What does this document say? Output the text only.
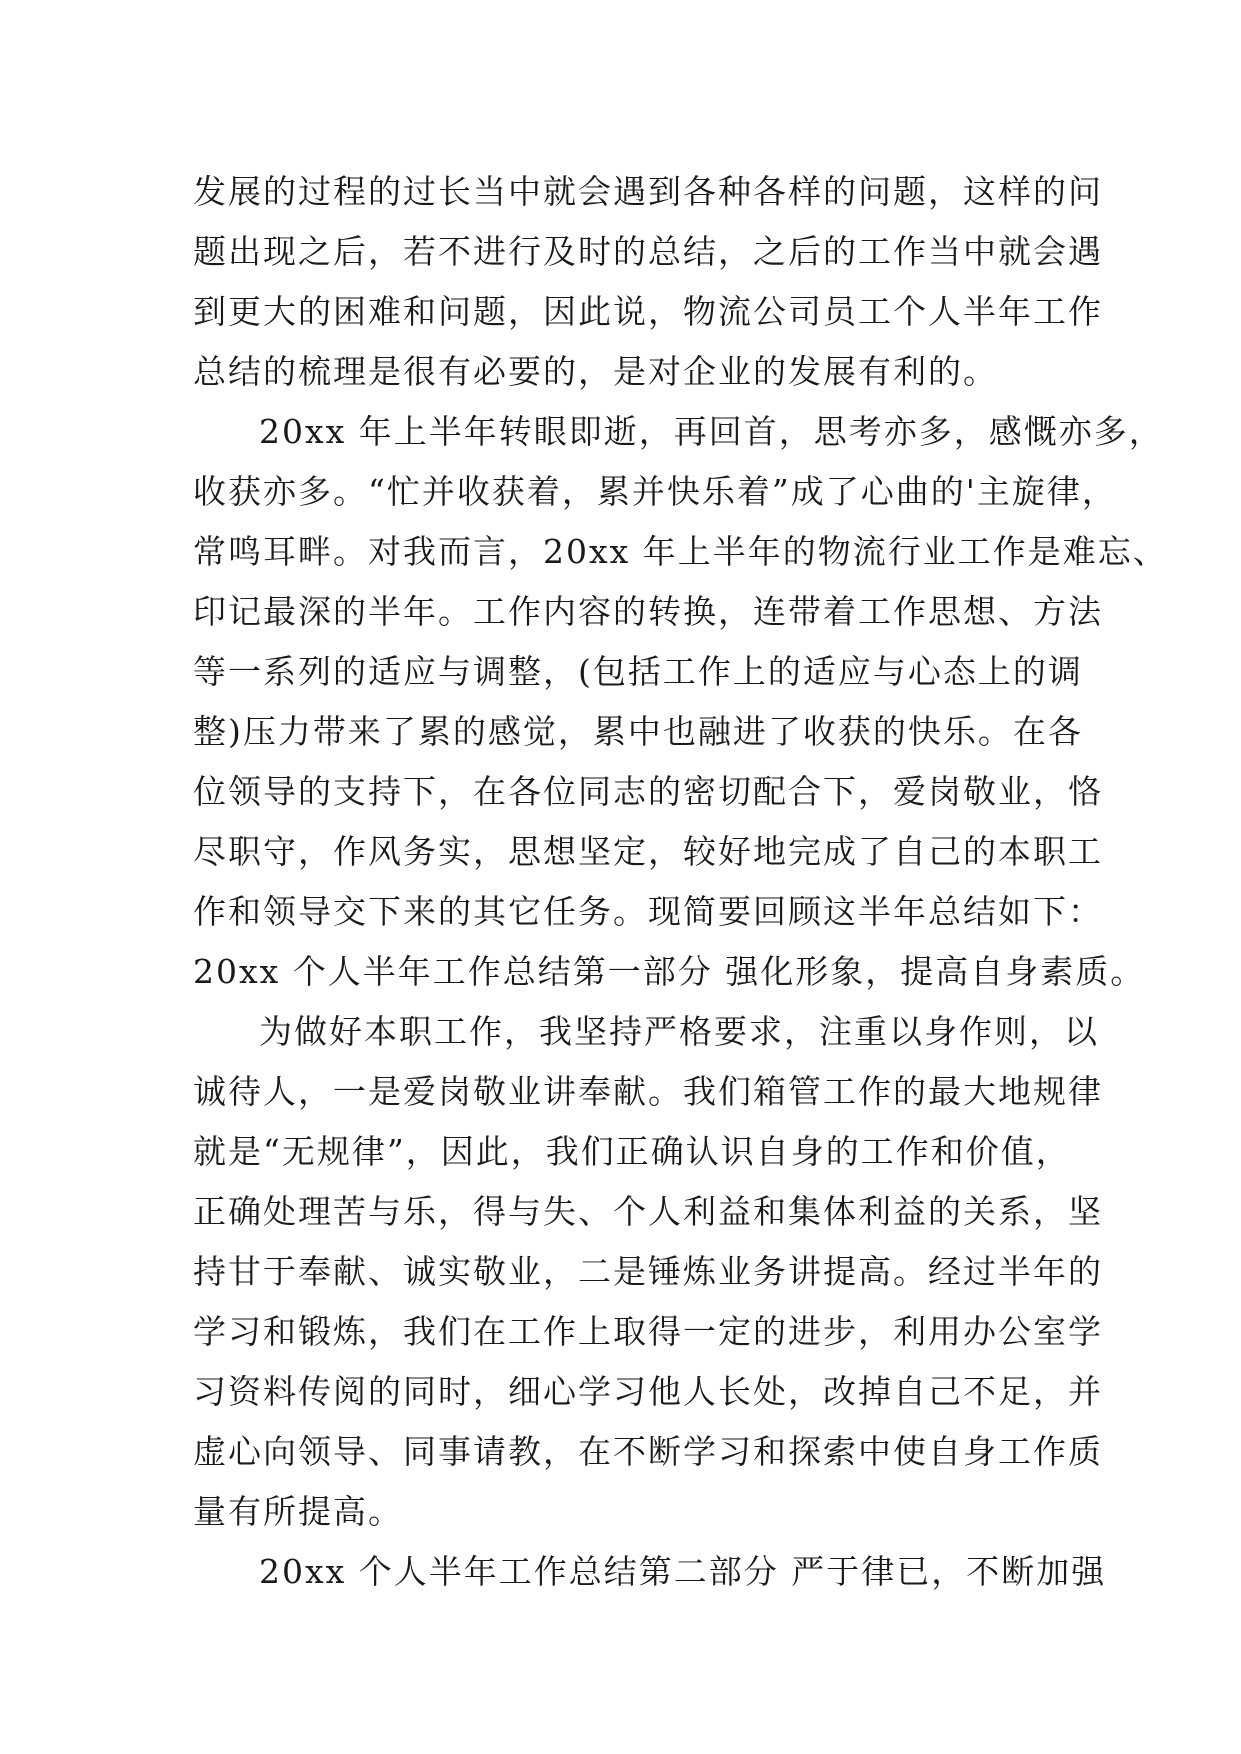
发展的过程的过长当中就会遇到各种各样的问题，这样的问
题出现之后，若不进行及时的总结，之后的工作当中就会遇
到更大的困难和问题，因此说，物流公司员工个人半年工作
总结的梳理是很有必要的，是对企业的发展有利的。
20xx 年上半年转眼即逝，再回首，思考亦多，感慨亦多，
收获亦多。“忙并收获着，累并快乐着”成了心曲的'主旋律，
常鸣耳畔。对我而言，20xx 年上半年的物流行业工作是难忘、
印记最深的半年。工作内容的转换，连带着工作思想、方法
等一系列的适应与调整，(包括工作上的适应与心态上的调
整)压力带来了累的感觉，累中也融进了收获的快乐。在各
位领导的支持下，在各位同志的密切配合下，爱岗敬业，恪
尽职守，作风务实，思想坚定，较好地完成了自己的本职工
作和领导交下来的其它任务。现简要回顾这半年总结如下：
20xx 个人半年工作总结第一部分 强化形象，提高自身素质。
为做好本职工作，我坚持严格要求，注重以身作则，以
诚待人，一是爱岗敬业讲奉献。我们箱管工作的最大地规律
就是“无规律”，因此，我们正确认识自身的工作和价值，
正确处理苦与乐，得与失、个人利益和集体利益的关系，坚
持甘于奉献、诚实敬业，二是锤炼业务讲提高。经过半年的
学习和锻炼，我们在工作上取得一定的进步，利用办公室学
习资料传阅的同时，细心学习他人长处，改掉自己不足，并
虚心向领导、同事请教，在不断学习和探索中使自身工作质
量有所提高。
20xx 个人半年工作总结第二部分 严于律已，不断加强
